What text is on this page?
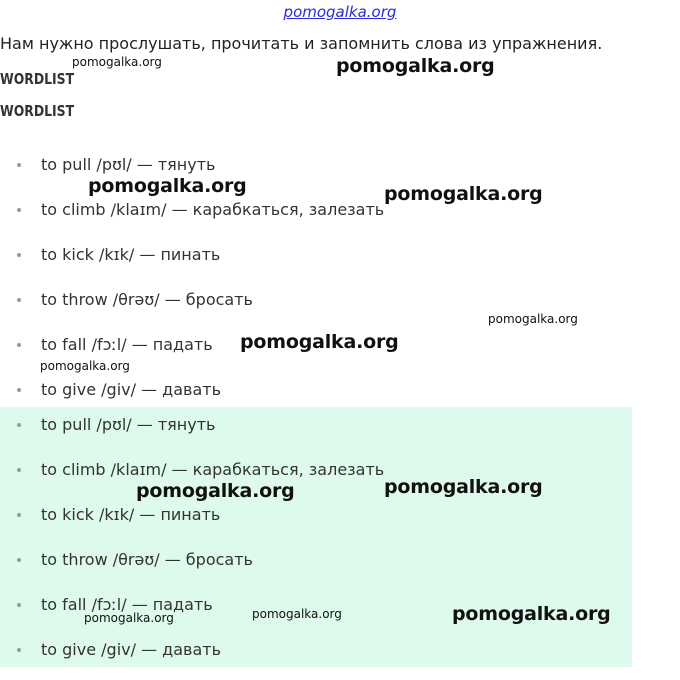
pomogalka.org
Нам нужно прослушать, прочитать и запомнить слова из упражнения.
WORDLIST
WORDLIST
to pull /pʊl/ — тянуть
to climb /klaɪm/ — карабкаться, залезать
to kick /kɪk/ — пинать
to throw /θrəʊ/ — бросать
to fall /fɔːl/ — падать
to give /giv/ — давать
to pull /pʊl/ — тянуть
to climb /klaɪm/ — карабкаться, залезать
to kick /kɪk/ — пинать
to throw /θrəʊ/ — бросать
to fall /fɔːl/ — падать
to give /giv/ — давать
pomogalka.org	pomogalka.org
pomogalka.org	pomogalka.org
pomogalka.org
pomogalka.org
pomogalka.org
pomogalka.org	pomogalka.org
pomogalka.org	pomogalka.org	pomogalka.org
